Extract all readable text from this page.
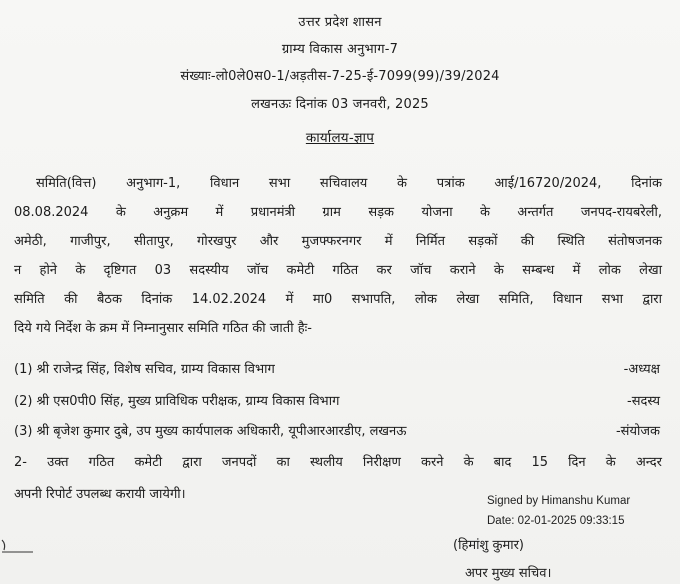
उत्तर प्रदेश शासन
ग्राम्य विकास अनुभाग-7
संख्याः-लो0ले0स0-1/अड़तीस-7-25-ई-7099(99)/39/2024
लखनऊः दिनांक 03 जनवरी, 2025
कार्यालय-ज्ञाप
समिति(वित्त) अनुभाग-1, विधान सभा सचिवालय के पत्रांक आई/16720/2024, दिनांक
08.08.2024 के अनुक्रम में प्रधानमंत्री ग्राम सड़क योजना के अन्तर्गत जनपद-रायबरेली,
अमेठी, गाजीपुर, सीतापुर, गोरखपुर और मुजफ्फरनगर में निर्मित सड़कों की स्थिति संतोषजनक
न होने के दृष्टिगत 03 सदस्यीय जॉच कमेटी गठित कर जॉच कराने के सम्बन्ध में लोक लेखा
समिति की बैठक दिनांक 14.02.2024 में मा0 सभापति, लोक लेखा समिति, विधान सभा द्वारा
दिये गये निर्देश के क्रम में निम्नानुसार समिति गठित की जाती हैः-
(1) श्री राजेन्द्र सिंह, विशेष सचिव, ग्राम्य विकास विभाग	-अध्यक्ष
(2) श्री एस0पी0 सिंह, मुख्य प्राविधिक परीक्षक, ग्राम्य विकास विभाग	-सदस्य
(3) श्री बृजेश कुमार दुबे, उप मुख्य कार्यपालक अधिकारी, यूपीआरआरडीए, लखनऊ	-संयोजक
2- उक्त गठित कमेटी द्वारा जनपदों का स्थलीय निरीक्षण करने के बाद 15 दिन के अन्दर
अपनी रिपोर्ट उपलब्ध करायी जायेगी।	Signed by Himanshu Kumar
Date: 02-01-2025 09:33:15
(हिमांशु कुमार)
अपर मुख्य सचिव।
